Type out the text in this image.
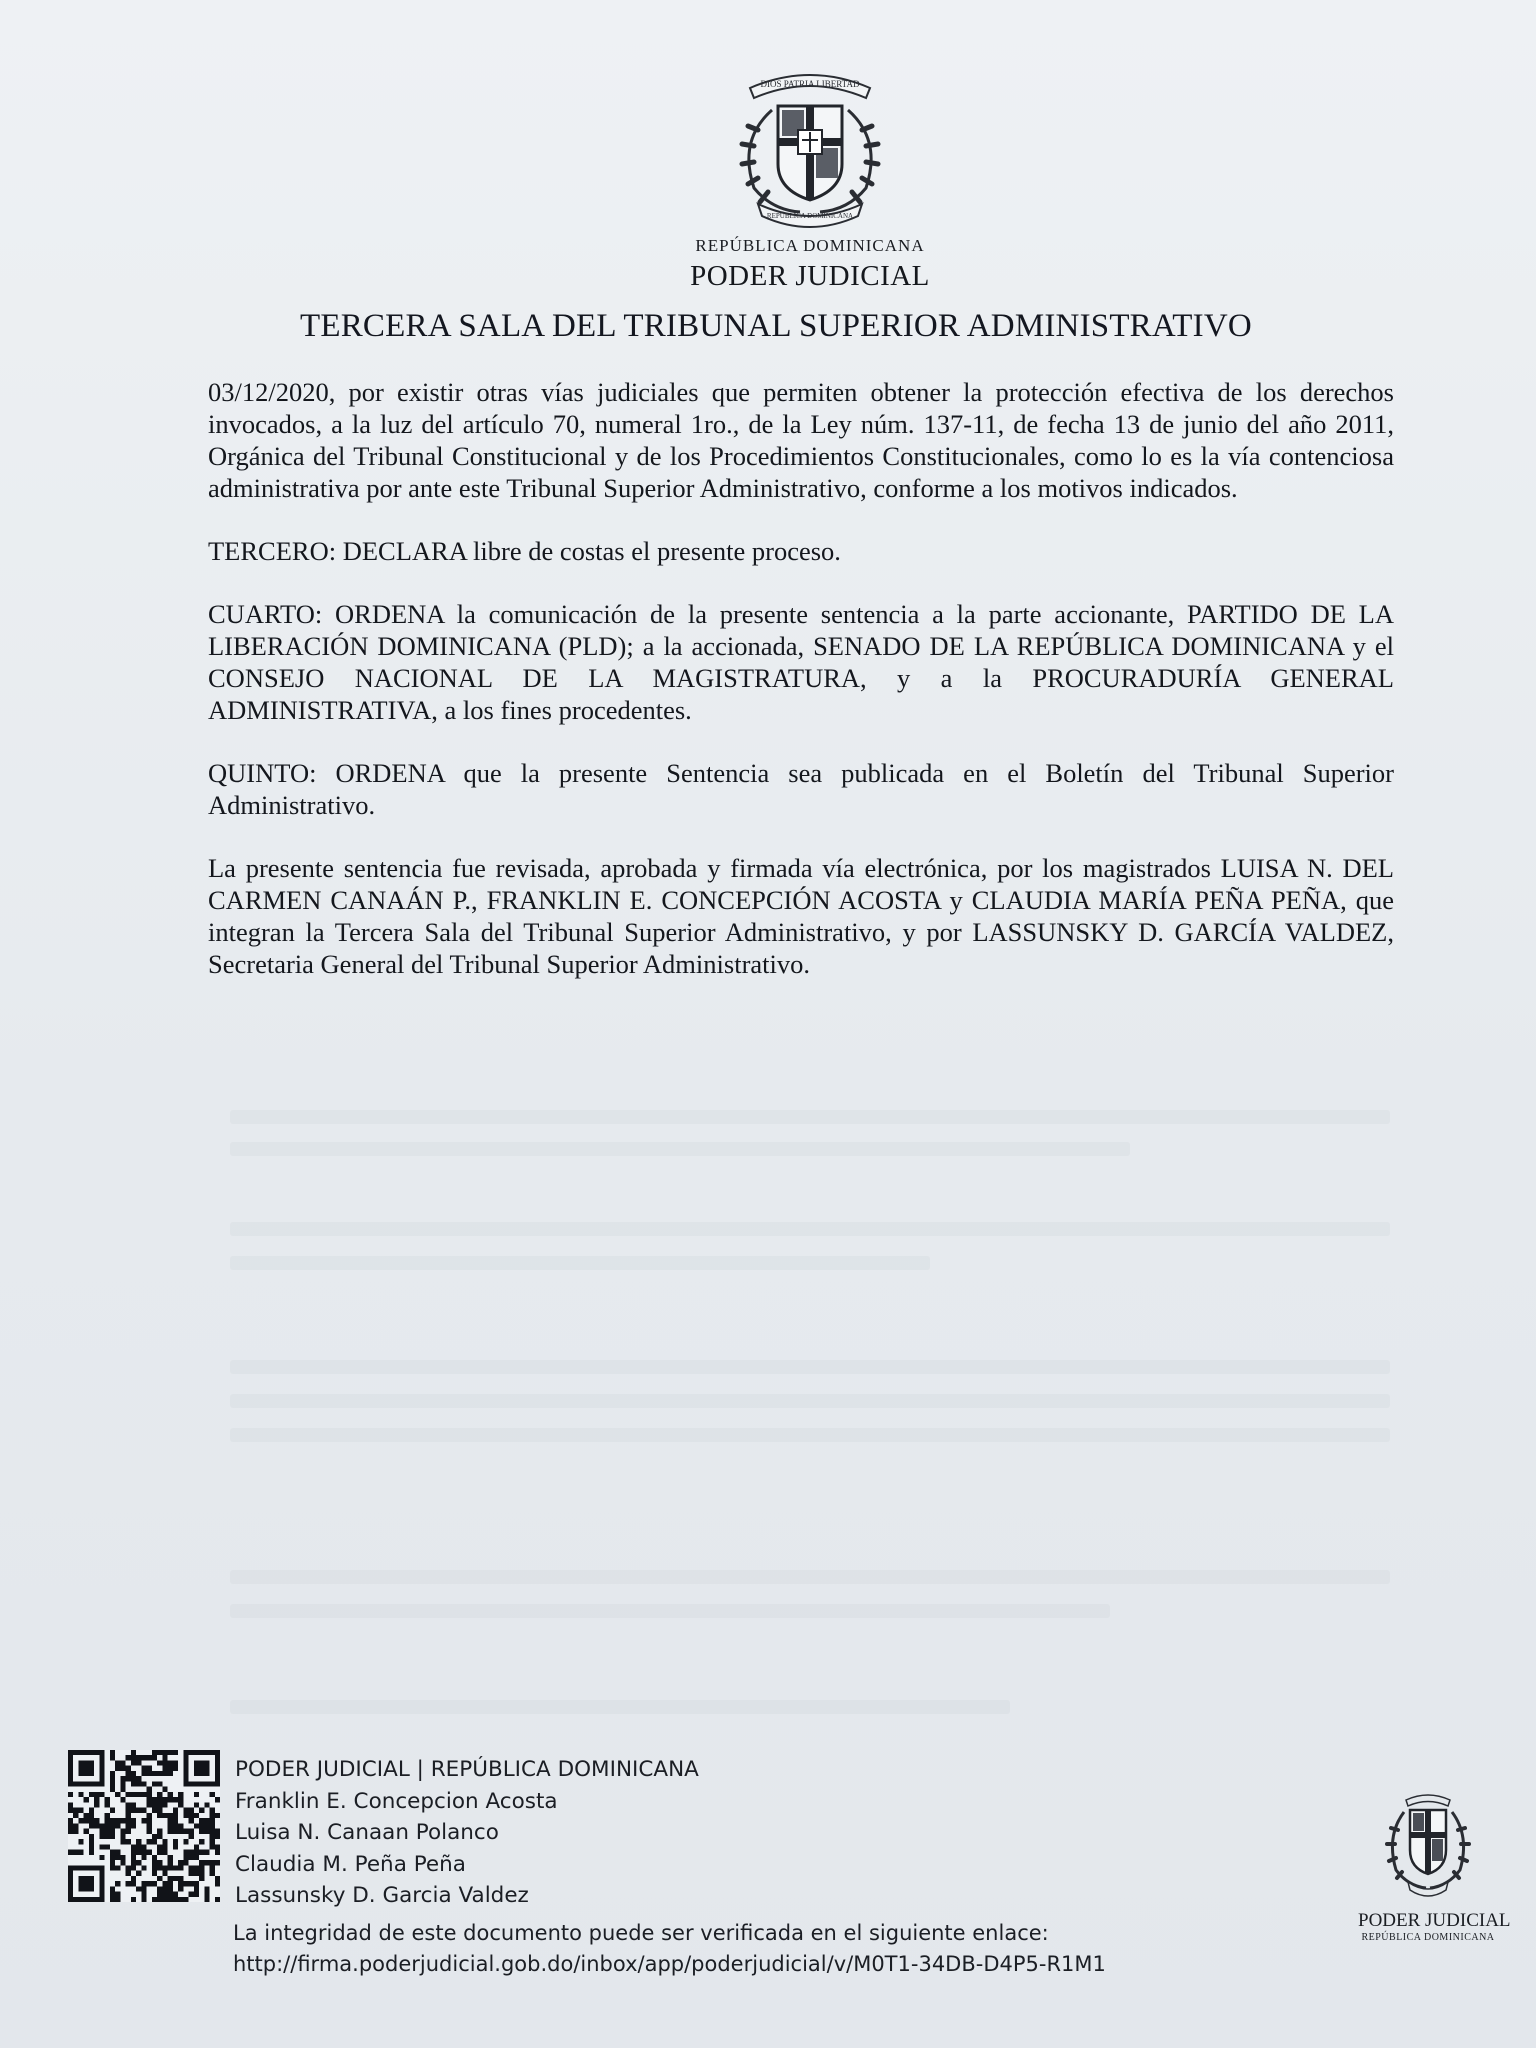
DIOS PATRIA LIBERTAD
REPÚBLICA DOMINICANA
REPÚBLICA DOMINICANA
PODER JUDICIAL
TERCERA SALA DEL TRIBUNAL SUPERIOR ADMINISTRATIVO

03/12/2020, por existir otras vías judiciales que permiten obtener la protección efectiva de los derechos invocados, a la luz del artículo 70, numeral 1ro., de la Ley núm. 137-11, de fecha 13 de junio del año 2011, Orgánica del Tribunal Constitucional y de los Procedimientos Constitucionales, como lo es la vía contenciosa administrativa por ante este Tribunal Superior Administrativo, conforme a los motivos indicados.

TERCERO: DECLARA libre de costas el presente proceso.

CUARTO: ORDENA la comunicación de la presente sentencia a la parte accionante, PARTIDO DE LA LIBERACIÓN DOMINICANA (PLD); a la accionada, SENADO DE LA REPÚBLICA DOMINICANA y el CONSEJO NACIONAL DE LA MAGISTRATURA, y a la PROCURADURÍA GENERAL ADMINISTRATIVA, a los fines procedentes.

QUINTO: ORDENA que la presente Sentencia sea publicada en el Boletín del Tribunal Superior Administrativo.

La presente sentencia fue revisada, aprobada y firmada vía electrónica, por los magistrados LUISA N. DEL CARMEN CANAÁN P., FRANKLIN E. CONCEPCIÓN ACOSTA y CLAUDIA MARÍA PEÑA PEÑA, que integran la Tercera Sala del Tribunal Superior Administrativo, y por LASSUNSKY D. GARCÍA VALDEZ, Secretaria General del Tribunal Superior Administrativo.

PODER JUDICIAL | REPÚBLICA DOMINICANA
Franklin E. Concepcion Acosta
Luisa N. Canaan Polanco
Claudia M. Peña Peña
Lassunsky D. Garcia Valdez
La integridad de este documento puede ser verificada en el siguiente enlace:
http://firma.poderjudicial.gob.do/inbox/app/poderjudicial/v/M0T1-34DB-D4P5-R1M1
PODER JUDICIAL
REPÚBLICA DOMINICANA
